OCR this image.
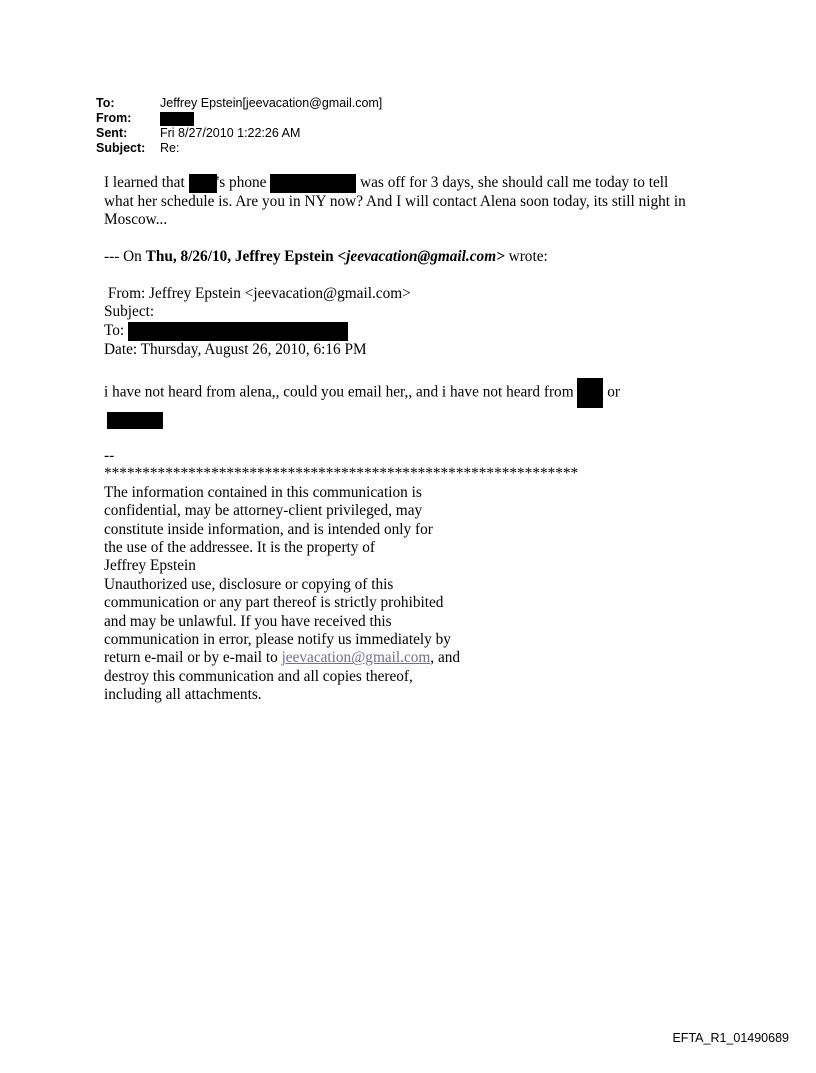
To:	Jeffrey Epstein[jeevacation@gmail.com]
From:
Sent:	Fri 8/27/2010 1:22:26 AM
Subject:	Re:

I learned that 's phone	was off for 3 days, she should call me today to tell
what her schedule is. Are you in NY now? And I will contact Alena soon today, its still night in
Moscow...

--- On Thu, 8/26/10, Jeffrey Epstein <jeevacation@gmail.com> wrote:

From: Jeffrey Epstein <jeevacation@gmail.com>
Subject:
To:
Date: Thursday, August 26, 2010, 6:16 PM

i have not heard from alena,, could you email her,, and i have not heard from  or

--
**************************************************************
The information contained in this communication is
confidential, may be attorney-client privileged, may
constitute inside information, and is intended only for
the use of the addressee. It is the property of
Jeffrey Epstein
Unauthorized use, disclosure or copying of this
communication or any part thereof is strictly prohibited
and may be unlawful. If you have received this
communication in error, please notify us immediately by
return e-mail or by e-mail to jeevacation@gmail.com, and
destroy this communication and all copies thereof,
including all attachments.

EFTA_R1_01490689
